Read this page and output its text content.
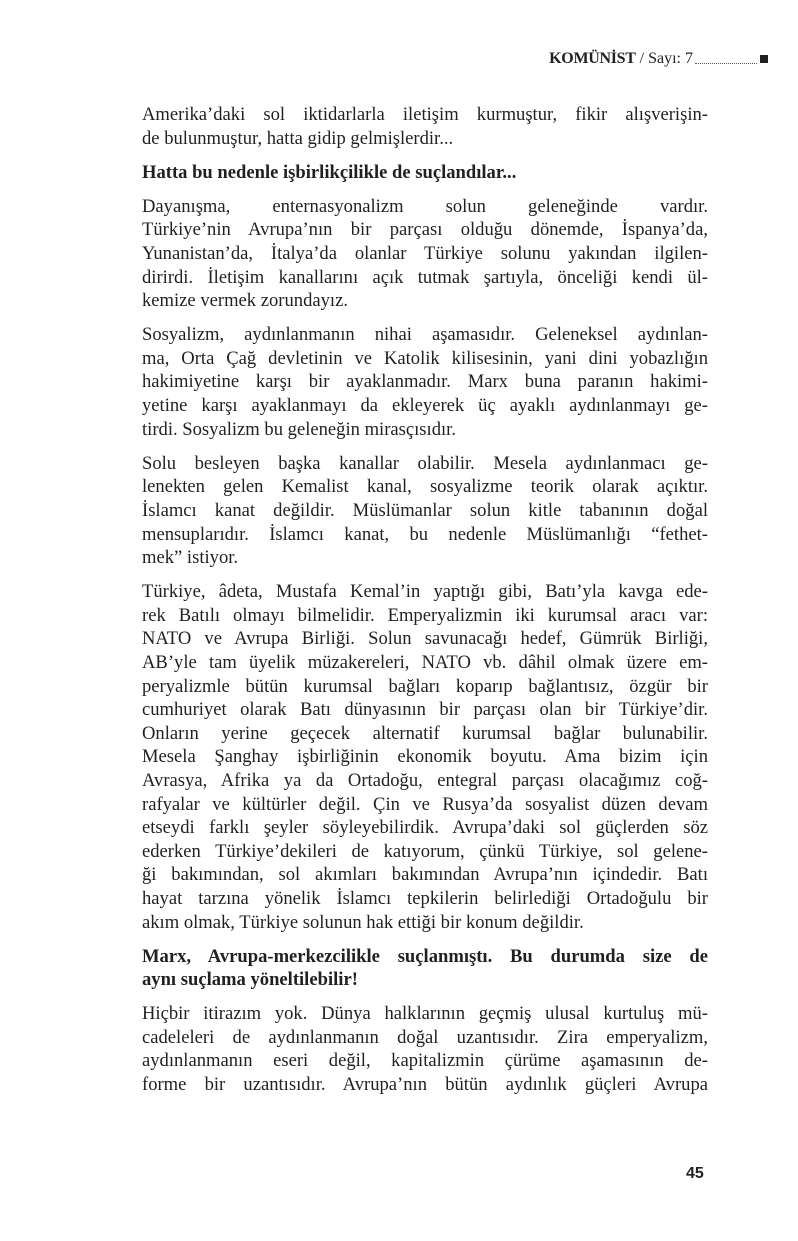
KOMÜNİST / Sayı: 7

Amerika’daki sol iktidarlarla iletişim kurmuştur, fikir alışverişin-
de bulunmuştur, hatta gidip gelmişlerdir...

Hatta bu nedenle işbirlikçilikle de suçlandılar...

Dayanışma, enternasyonalizm solun geleneğinde vardır.
Türkiye’nin Avrupa’nın bir parçası olduğu dönemde, İspanya’da,
Yunanistan’da, İtalya’da olanlar Türkiye solunu yakından ilgilen-
dirirdi. İletişim kanallarını açık tutmak şartıyla, önceliği kendi ül-
kemize vermek zorundayız.

Sosyalizm, aydınlanmanın nihai aşamasıdır. Geleneksel aydınlan-
ma, Orta Çağ devletinin ve Katolik kilisesinin, yani dini yobazlığın
hakimiyetine karşı bir ayaklanmadır. Marx buna paranın hakimi-
yetine karşı ayaklanmayı da ekleyerek üç ayaklı aydınlanmayı ge-
tirdi. Sosyalizm bu geleneğin mirasçısıdır.

Solu besleyen başka kanallar olabilir. Mesela aydınlanmacı ge-
lenekten gelen Kemalist kanal, sosyalizme teorik olarak açıktır.
İslamcı kanat değildir. Müslümanlar solun kitle tabanının doğal
mensuplarıdır. İslamcı kanat, bu nedenle Müslümanlığı “fethet-
mek” istiyor.

Türkiye, âdeta, Mustafa Kemal’in yaptığı gibi, Batı’yla kavga ede-
rek Batılı olmayı bilmelidir. Emperyalizmin iki kurumsal aracı var:
NATO ve Avrupa Birliği. Solun savunacağı hedef, Gümrük Birliği,
AB’yle tam üyelik müzakereleri, NATO vb. dâhil olmak üzere em-
peryalizmle bütün kurumsal bağları koparıp bağlantısız, özgür bir
cumhuriyet olarak Batı dünyasının bir parçası olan bir Türkiye’dir.
Onların yerine geçecek alternatif kurumsal bağlar bulunabilir.
Mesela Şanghay işbirliğinin ekonomik boyutu. Ama bizim için
Avrasya, Afrika ya da Ortadoğu, entegral parçası olacağımız coğ-
rafyalar ve kültürler değil. Çin ve Rusya’da sosyalist düzen devam
etseydi farklı şeyler söyleyebilirdik. Avrupa’daki sol güçlerden söz
ederken Türkiye’dekileri de katıyorum, çünkü Türkiye, sol gelene-
ği bakımından, sol akımları bakımından Avrupa’nın içindedir. Batı
hayat tarzına yönelik İslamcı tepkilerin belirlediği Ortadoğulu bir
akım olmak, Türkiye solunun hak ettiği bir konum değildir.

Marx, Avrupa-merkezcilikle suçlanmıştı. Bu durumda size de
aynı suçlama yöneltilebilir!

Hiçbir itirazım yok. Dünya halklarının geçmiş ulusal kurtuluş mü-
cadeleleri de aydınlanmanın doğal uzantısıdır. Zira emperyalizm,
aydınlanmanın eseri değil, kapitalizmin çürüme aşamasının de-
forme bir uzantısıdır. Avrupa’nın bütün aydınlık güçleri Avrupa

45
